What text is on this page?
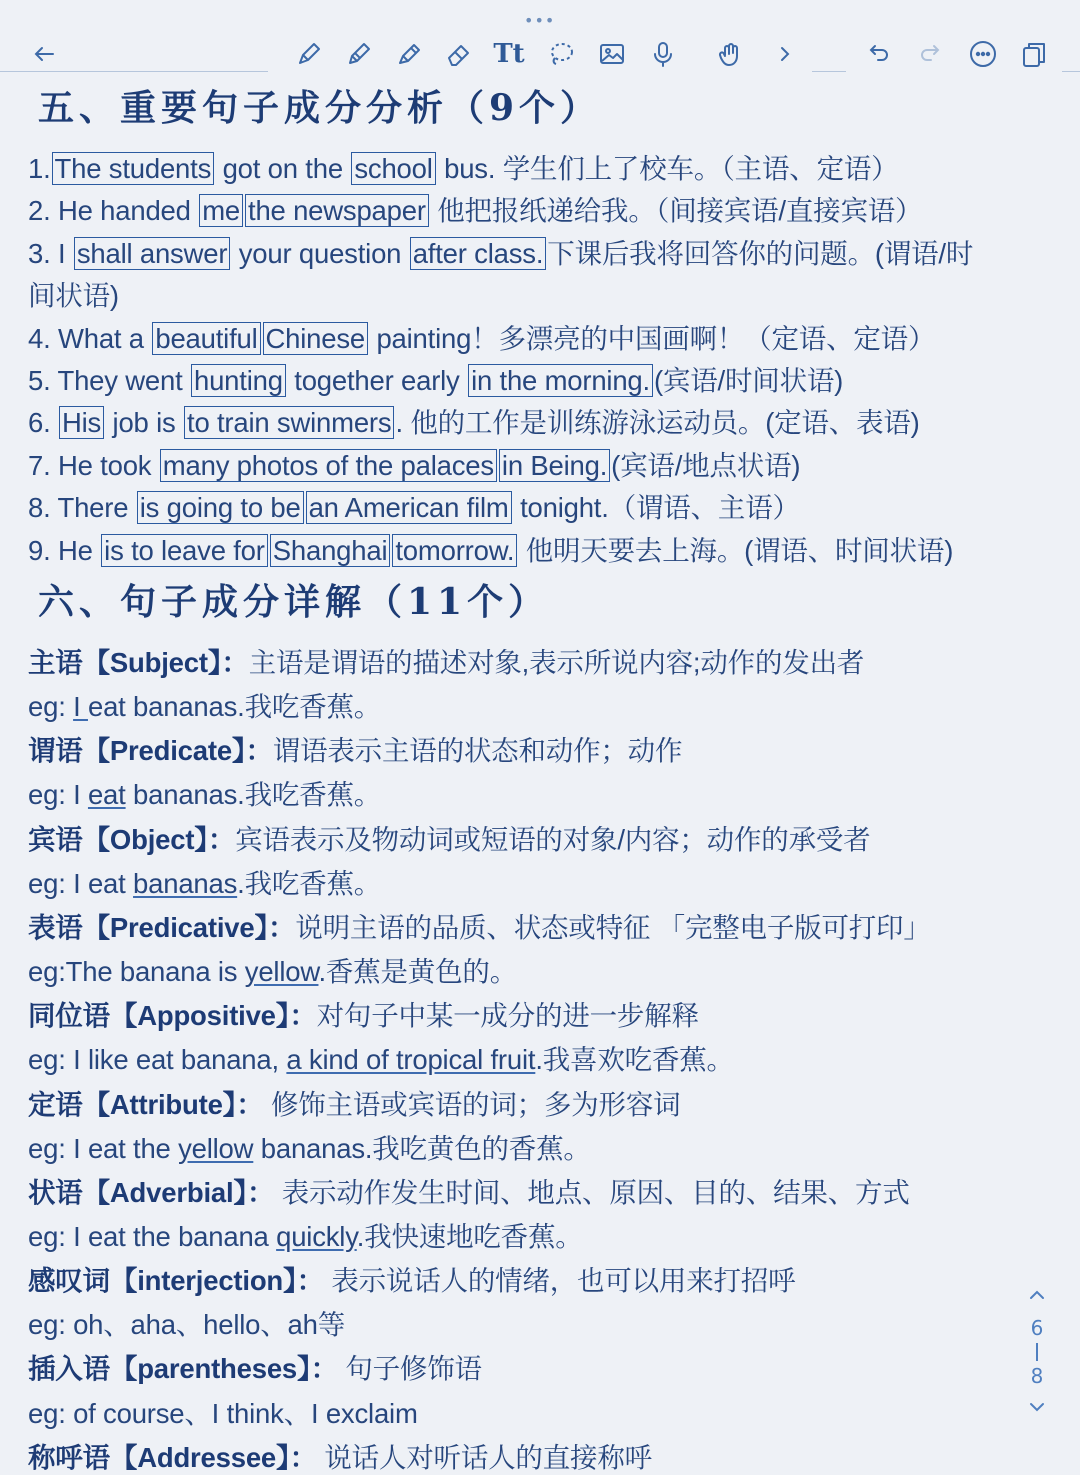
•••
Tt
五、重要句子成分分析（9个）
1. The students got on the school bus. 学生们上了校车。（主语、定语）
2. He handed me the newspaper 他把报纸递给我。（间接宾语/直接宾语）
3. I shall answer your question after class. 下课后我将回答你的问题。(谓语/时
间状语)
4. What a beautiful Chinese painting！多漂亮的中国画啊！（定语、定语）
5. They went hunting together early in the morning. (宾语/时间状语)
6. His job is to train swinmers . 他的工作是训练游泳运动员。(定语、表语)
7. He took many photos of the palaces in Being. (宾语/地点状语)
8. There is going to be an American film tonight.（谓语、主语）
9. He is to leave for Shanghai tomorrow. 他明天要去上海。(谓语、时间状语)
六、句子成分详解（11个）
主语【Subject】：主语是谓语的描述对象,表示所说内容;动作的发出者
eg: I eat bananas.我吃香蕉。
谓语【Predicate】：谓语表示主语的状态和动作；动作
eg: I eat bananas.我吃香蕉。
宾语【Object】：宾语表示及物动词或短语的对象/内容；动作的承受者
eg: I eat bananas.我吃香蕉。
表语【Predicative】：说明主语的品质、状态或特征 「完整电子版可打印」
eg:The banana is yellow.香蕉是黄色的。
同位语【Appositive】：对句子中某一成分的进一步解释
eg: I like eat banana, a kind of tropical fruit.我喜欢吃香蕉。
定语【Attribute】： 修饰主语或宾语的词；多为形容词
eg: I eat the yellow bananas.我吃黄色的香蕉。
状语【Adverbial】： 表示动作发生时间、地点、原因、目的、结果、方式
eg: I eat the banana quickly.我快速地吃香蕉。
感叹词【interjection】： 表示说话人的情绪，也可以用来打招呼
eg: oh、aha、hello、ah等
插入语【parentheses】： 句子修饰语
eg: of course、I think、I exclaim
称呼语【Addressee】： 说话人对听话人的直接称呼
6
8
